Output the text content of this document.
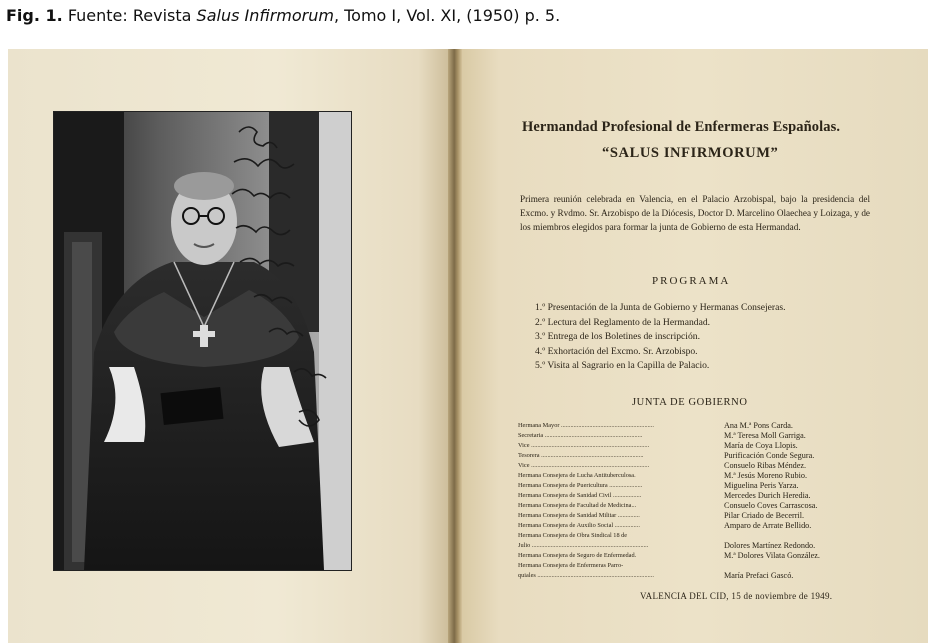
Fig. 1. Fuente: Revista Salus Infirmorum, Tomo I, Vol. XI, (1950) p. 5.
Hermandad Profesional de Enfermeras Españolas.
“SALUS INFIRMORUM”
Primera reunión celebrada en Valencia, en el Palacio Arzobispal, bajo la presidencia del Excmo. y Rvdmo. Sr. Arzobispo de la Diócesis, Doctor D. Marcelino Olaechea y Loizaga, y de los miembros elegidos para formar la junta de Gobierno de esta Hermandad.
PROGRAMA
1.º Presentación de la Junta de Gobierno y Hermanas Consejeras.
2.º Lectura del Reglamento de la Hermandad.
3.º Entrega de los Boletines de inscripción.
4.º Exhortación del Excmo. Sr. Arzobispo.
5.º Visita al Sagrario en la Capilla de Palacio.
JUNTA DE GOBIERNO
Hermana Mayor ...........................................................
Secretaria ..............................................................
Vice ...........................................................................
Tesorera .................................................................
Vice ...........................................................................
Hermana Consejera de Lucha Antituberculosa.
Hermana Consejera de Puericultura .....................
Hermana Consejera de Sanidad Civil ..................
Hermana Consejera de Facultad de Medicina...
Hermana Consejera de Sanidad Militar ..............
Hermana Consejera de Auxilio Social ................
Hermana Consejera de Obra Sindical 18 de
Julio ..........................................................................
Hermana Consejera de Seguro de Enfermedad.
Hermana Consejera de Enfermeras Parro-
quiales ..........................................................................
Ana M.ª Pons Carda.
M.ª Teresa Moll Garriga.
María de Coya Llopis.
Purificación Conde Segura.
Consuelo Ribas Méndez.
M.ª Jesús Moreno Rubio.
Miguelina Peris Yarza.
Mercedes Durich Heredia.
Consuelo Coves Carrascosa.
Pilar Criado de Becerril.
Amparo de Arrate Bellido.

Dolores Martínez Redondo.
M.ª Dolores Vilata González.

María Prefaci Gascó.
VALENCIA DEL CID, 15 de noviembre de 1949.
